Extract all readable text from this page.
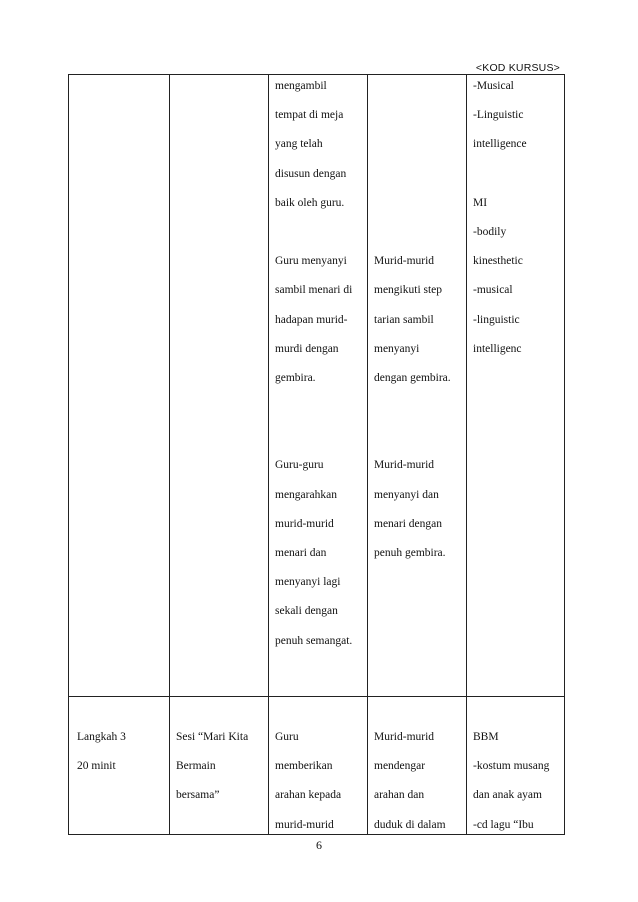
<KOD KURSUS>
mengambil
tempat di meja
yang telah
disusun dengan
baik oleh guru.
Guru menyanyi
sambil menari di
hadapan murid-
murdi dengan
gembira.
Guru-guru
mengarahkan
murid-murid
menari dan
menyanyi lagi
sekali dengan
penuh semangat.
Murid-murid
mengikuti step
tarian sambil
menyanyi
dengan gembira.
Murid-murid
menyanyi dan
menari dengan
penuh gembira.
-Musical
-Linguistic
intelligence
MI
-bodily
kinesthetic
-musical
-linguistic
intelligenc
Langkah 3
20 minit
Sesi “Mari Kita
Bermain
bersama”
Guru
memberikan
arahan kepada
murid-murid
Murid-murid
mendengar
arahan dan
duduk di dalam
BBM
-kostum musang
dan anak ayam
-cd lagu “Ibu
6
